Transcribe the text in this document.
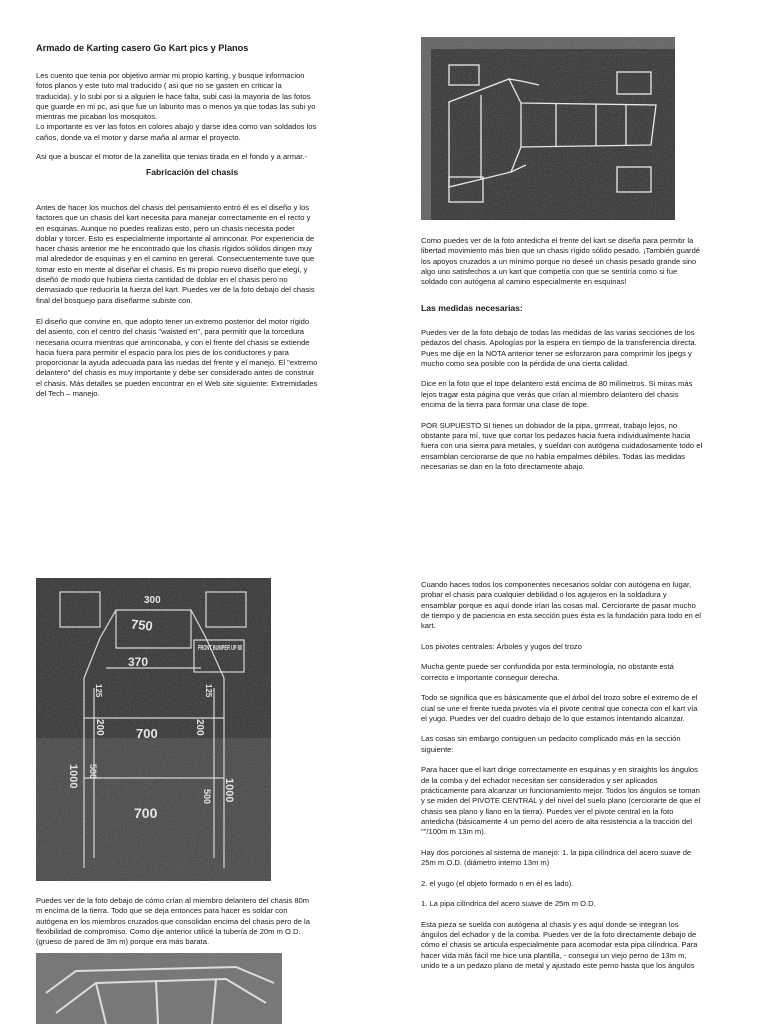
Armado de Karting casero Go Kart pics y Planos

Les cuento que tenia por objetivo armar mi propio karting, y busque informacion
fotos planos y este tuto mal traducido ( asi que no se gasten en criticar la
traducida). y lo subi por si a alguien le hace falta, subi casi la mayoria de las fotos
que guarde en mi pc, asi que fue un laburito mas o menos ya que todas las subi yo
mientras me picaban los mosquitos.
Lo importante es ver las fotos en colores abajo y darse idea como van soldados los
caños, donde va el motor y darse maña al armar el proyecto.

Asi que a buscar el motor de la zanellita que tenias tirada en el fondo y a armar.-

Fabricación del chasis

Antes de hacer los muchos del chasis del pensamiento entró él es el diseño y los
factores que un chasis del kart necesita para manejar correctamente en el recto y
en esquinas. Aunque no puedes realizas esto, pero un chasis necesita poder
doblar y torcer. Esto es especialmente importante al arrinconar. Por experiencia de
hacer chasis anterior me he encontrado que los chasis rígidos sólidos dirigen muy
mal alrededor de esquinas y en el camino en gereral. Consecuentemente tuve que
tomar esto en mente al diseñar el chasis. Es mi propio nuevo diseño que elegí, y
diseñó de modo que hubiera cierta cantidad de doblar en el chasis pero no
demasiado que reduciría la fuerza del kart. Puedes ver de la foto debajo del chasis
final del bosquejo para diseñarme subiste con.

El diseño que convine en, que adopto tener un extremo posterior del motor rígido
del asiento, con el centro del chasis "waisted en", para permitir que la torcedura
necesaria ocurra mientras que arrinconaba, y con el frente del chasis se extiende
hacia fuera para permitir el espacio para los pies de los conductores y para
proporcionar la ayuda adecuada para las ruedas del frente y el manejo. El "extremo
delantero" del chasis es muy importante y debe ser considerado antes de construir
el chasis. Más detalles se pueden encontrar en el Web site siguiente: Extremidades
del Tech – manejo.

Como puedes ver de la foto antedicha el frente del kart se diseña para permitir la
libertad movimiento más bien que un chasis rígido sólido pesado. ¡También guardé
los apoyos cruzados a un mínimo porque no deseé un chasis pesado grande sino
algo uno satisfechos a un kart que competía con que se sentiría como si fue
soldado con autógena al camino especialmente en esquinas!

Las medidas necesarias:

Puedes ver de la foto debajo de todas las medidas de las varias secciones de los
pedazos del chasis. Apologías por la espera en tiempo de la transferencia directa.
Pues me dije en la NOTA anterior tener se esforzaron para comprimir los jpegs y
mucho como sea posible con la pérdida de una cierta calidad.

Dice en la foto que el tope delantero está encima de 80 milímetros. Si miras más
lejos tragar esta página que verás que crían al miembro delantero del chasis
encima de la tierra para formar una clase de tope.

POR SUPUESTO SI tienes un dobiador de la pipa, grrrreat, trabajo lejos, no
obstante para mí, tuve que cortar los pedazos hacia fuera individualmente hacia
fuera con una sierra para metales, y sueldan con autógena cuidadosamente todo el
ensamblan cerciorarse de que no había empalmes débiles. Todas las medidas
necesarias se dan en la foto directamente abajo.

300
750
370
FRONT BUMPER UP 80
700
200	200
1000
1000
500
500
700
125	125

Puedes ver de la foto debajo de cómo crían al miembro delantero del chasis 80m
m encima de la tierra. Todo que se deja entonces para hacer es soldar con
autógena en los miembros cruzados que consolidan encima del chasis pero de la
flexibilidad de compromiso. Como dije anterior utilicé la tubería de 20m m O.D.
(grueso de pared de 3m m) porque era más barata.

Cuando haces todos los componentes necesarios soldar con autógena en lugar,
probar el chasis para cualquier debilidad o los agujeros en la soldadura y
ensamblar porque es aquí donde irían las cosas mal. Cerciorarte de pasar mucho
de tiempo y de paciencia en esta sección pues ésta es la fundación para todo en el
kart.

Los pivotes centrales: Árboles y yugos del trozo

Mucha gente puede ser confundida por esta terminología, no obstante está
correcto e importante conseguir derecha.

Todo se significa que es básicamente que el árbol del trozo sobre el extremo de el
cual se une el frente rueda pivotes vía el pivote central que conecta con el kart vía
el yugo. Puedes ver del cuadro debajo de lo que estamos intentando alcanzar.

Las cosas sin embargo consiguen un pedacito complicado más en la sección
siguiente:

Para hacer que el kart dirige correctamente en esquinas y en straights los ángulos
de la comba y del echador necesitan ser considerados y ser aplicados
prácticamente para alcanzar un funcionamiento mejor. Todos los ángulos se toman
y se miden del PIVOTE CENTRAL y del nivel del suelo plano (cerciorarte de que el
chasis sea plano y llano en la tierra). Puedes ver el pivote central en la foto
antedicha (básicamente 4 un perno del acero de alta resistencia a la tracción del
""/100m m 13m m).

Hay dos porciones al sistema de manejo: 1. la pipa cilíndrica del acero suave de
25m m O.D. (diámetro interno 13m m)

2. el yugo (el objeto formado n en él es lado).

1. La pipa cilíndrica del acero suave de 25m m O.D.

Esta pieza se suelda con autógena al chasis y es aquí donde se integran los
ángulos del echador y de la comba. Puedes ver de la foto directamente debajo de
cómo el chasis se articula especialmente para acomodar esta pipa cilíndrica. Para
hacer vida más fácil me hice una plantilla, - consegui un viejo perno de 13m m,
unido te a un pedazo plano de metal y ajustado este perno hasta que los ángulos
